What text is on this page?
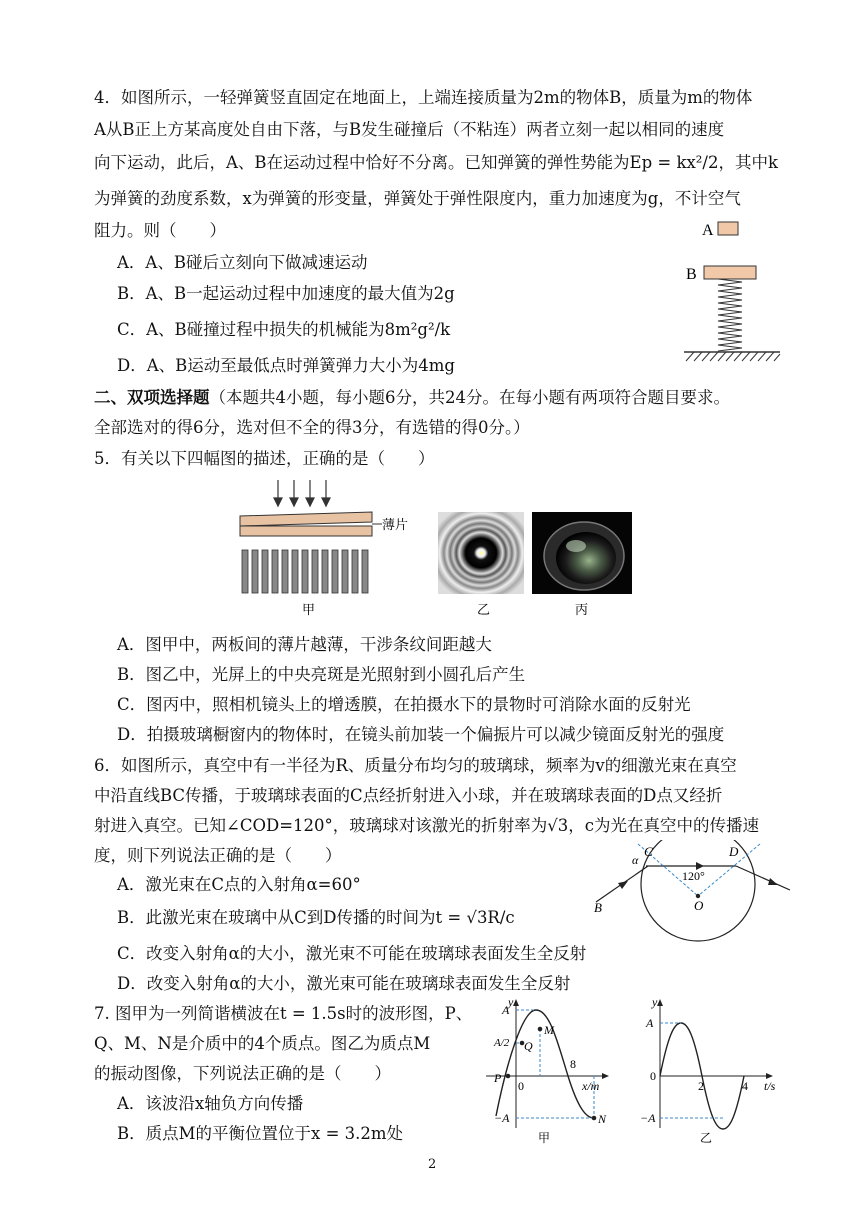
4．如图所示，一轻弹簧竖直固定在地面上，上端连接质量为2m的物体B，质量为m的物体
A从B正上方某高度处自由下落，与B发生碰撞后（不粘连）两者立刻一起以相同的速度
向下运动，此后，A、B在运动过程中恰好不分离。已知弹簧的弹性势能为Ep = kx²/2，其中k
为弹簧的劲度系数，x为弹簧的形变量，弹簧处于弹性限度内，重力加速度为g，不计空气
阻力。则（　　）
A．A、B碰后立刻向下做减速运动
B．A、B一起运动过程中加速度的最大值为2g
C．A、B碰撞过程中损失的机械能为8m²g²/k
D．A、B运动至最低点时弹簧弹力大小为4mg
A
B
二、双项选择题（本题共4小题，每小题6分，共24分。在每小题有两项符合题目要求。
全部选对的得6分，选对但不全的得3分，有选错的得0分。）
5．有关以下四幅图的描述，正确的是（　　）
薄片
甲	乙	丙
A．图甲中，两板间的薄片越薄，干涉条纹间距越大
B．图乙中，光屏上的中央亮斑是光照射到小圆孔后产生
C．图丙中，照相机镜头上的增透膜，在拍摄水下的景物时可消除水面的反射光
D．拍摄玻璃橱窗内的物体时，在镜头前加装一个偏振片可以减少镜面反射光的强度
6．如图所示，真空中有一半径为R、质量分布均匀的玻璃球，频率为v的细激光束在真空
中沿直线BC传播，于玻璃球表面的C点经折射进入小球，并在玻璃球表面的D点又经折
射进入真空。已知∠COD=120°，玻璃球对该激光的折射率为√3，c为光在真空中的传播速
度，则下列说法正确的是（　　）
A．激光束在C点的入射角α=60°
B．此激光束在玻璃中从C到D传播的时间为t = √3R/c
C．改变入射角α的大小，激光束不可能在玻璃球表面发生全反射
D．改变入射角α的大小，激光束可能在玻璃球表面发生全反射
α
C	D
120°
O
B
7. 图甲为一列简谐横波在t = 1.5s时的波形图，P、
Q、M、N是介质中的4个质点。图乙为质点M
的振动图像，下列说法正确的是（　　）
A．该波沿x轴负方向传播
B．质点M的平衡位置位于x = 3.2m处
y
A
A/2
−A
0
8
x/m
M
Q
P
N
甲
y
A
−A
0
2	4 t/s
乙
2
